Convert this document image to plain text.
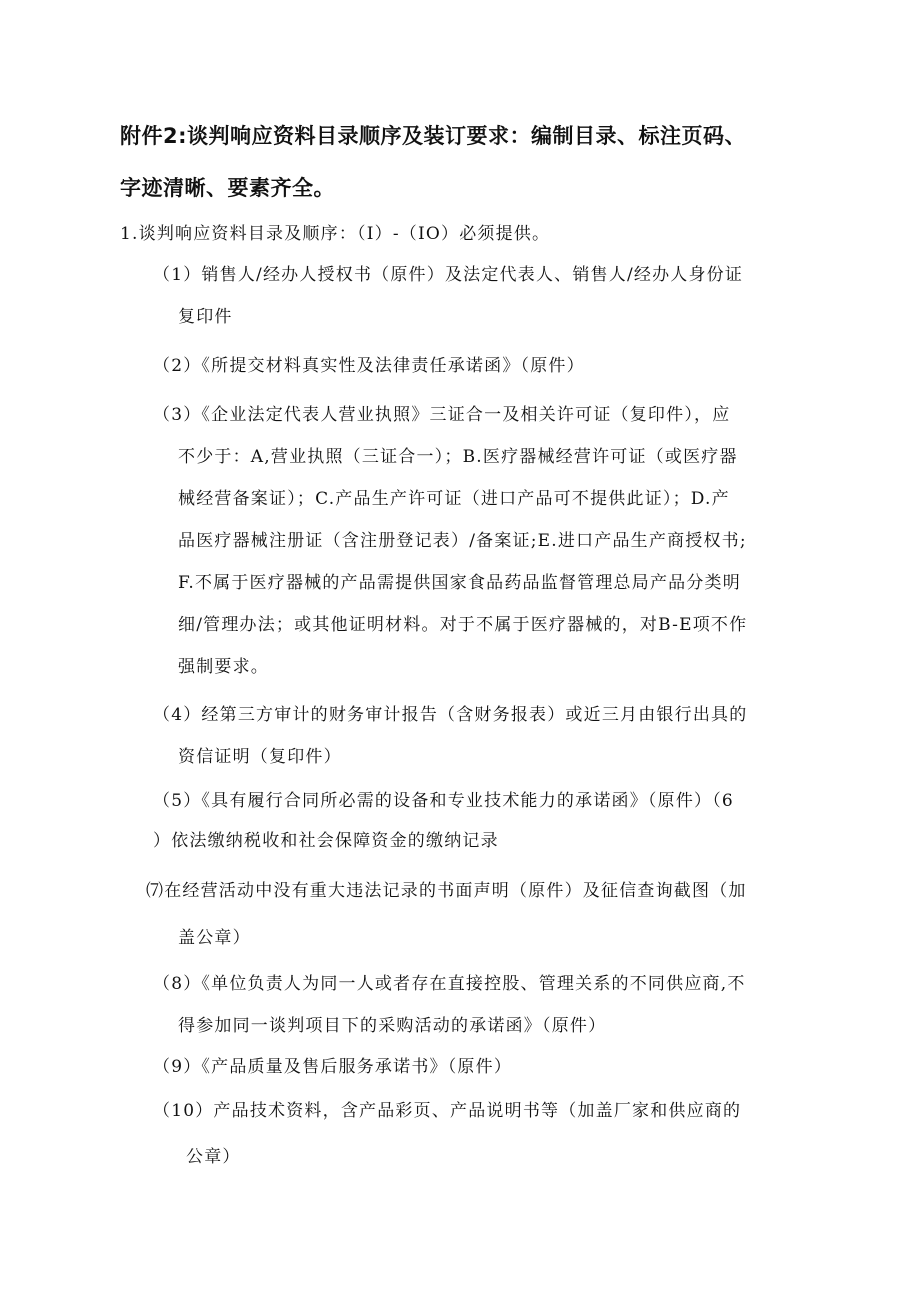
附件2:谈判响应资料目录顺序及装订要求：编制目录、标注页码、
字迹清晰、要素齐全。
1.谈判响应资料目录及顺序：（I）-（IO）必须提供。
（1）销售人/经办人授权书（原件）及法定代表人、销售人/经办人身份证
复印件
（2）《所提交材料真实性及法律责任承诺函》（原件）
（3）《企业法定代表人营业执照》三证合一及相关许可证（复印件），应
不少于：A,营业执照（三证合一）；B.医疗器械经营许可证（或医疗器
械经营备案证）；C.产品生产许可证（进口产品可不提供此证）；D.产
品医疗器械注册证（含注册登记表）/备案证;E.进口产品生产商授权书;
F.不属于医疗器械的产品需提供国家食品药品监督管理总局产品分类明
细/管理办法；或其他证明材料。对于不属于医疗器械的，对B-E项不作
强制要求。
（4）经第三方审计的财务审计报告（含财务报表）或近三月由银行出具的
资信证明（复印件）
（5）《具有履行合同所必需的设备和专业技术能力的承诺函》（原件）（6
）依法缴纳税收和社会保障资金的缴纳记录
⑺在经营活动中没有重大违法记录的书面声明（原件）及征信查询截图（加
盖公章）
（8）《单位负责人为同一人或者存在直接控股、管理关系的不同供应商,不
得参加同一谈判项目下的采购活动的承诺函》（原件）
（9）《产品质量及售后服务承诺书》（原件）
（10）产品技术资料，含产品彩页、产品说明书等（加盖厂家和供应商的
公章）
